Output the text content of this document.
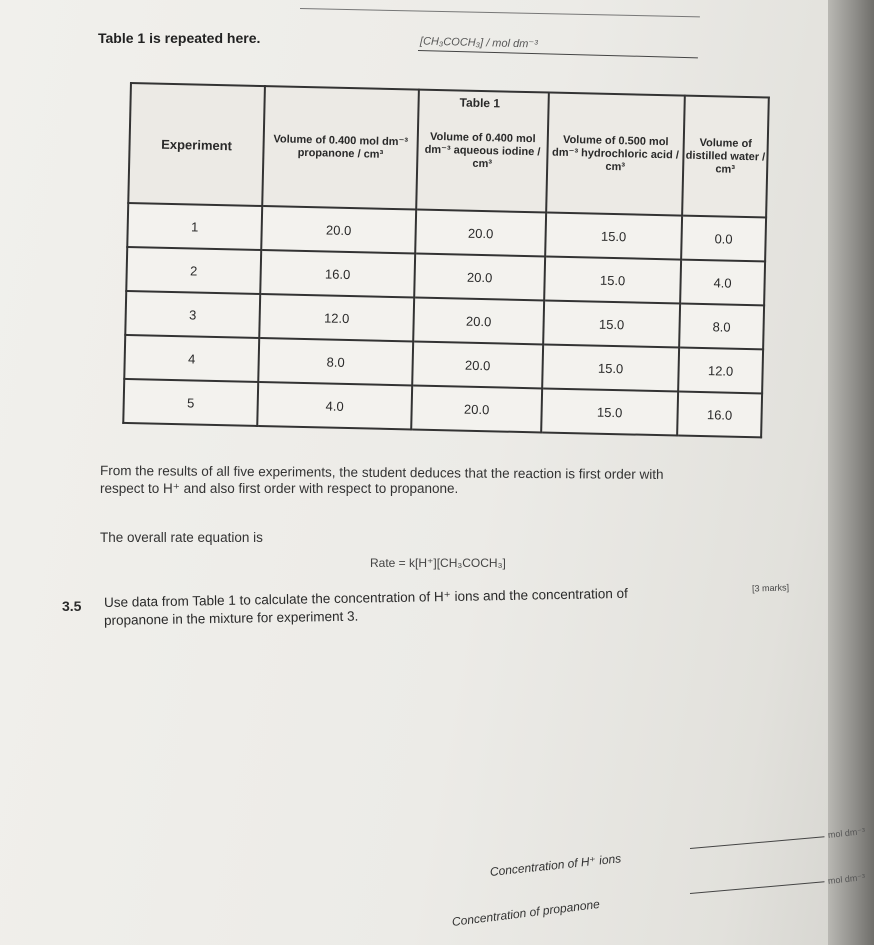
[CH₃COCH₃] / mol dm⁻³
Table 1 is repeated here.
Table 1
Experiment	Volume of 0.400 mol dm⁻³ propanone / cm³	Volume of 0.400 mol dm⁻³ aqueous iodine / cm³	Volume of 0.500 mol dm⁻³ hydrochloric acid / cm³	Volume of distilled water / cm³
1	20.0	20.0	15.0	0.0
2	16.0	20.0	15.0	4.0
3	12.0	20.0	15.0	8.0
4	8.0	20.0	15.0	12.0
5	4.0	20.0	15.0	16.0
From the results of all five experiments, the student deduces that the reaction is first order with
respect to H⁺ and also first order with respect to propanone.
The overall rate equation is
Rate = k[H⁺][CH₃COCH₃]
3.5 Use data from Table 1 to calculate the concentration of H⁺ ions and the concentration of
propanone in the mixture for experiment 3.
[3 marks]
Concentration of H⁺ ions
mol dm⁻³
Concentration of propanone
mol dm⁻³
